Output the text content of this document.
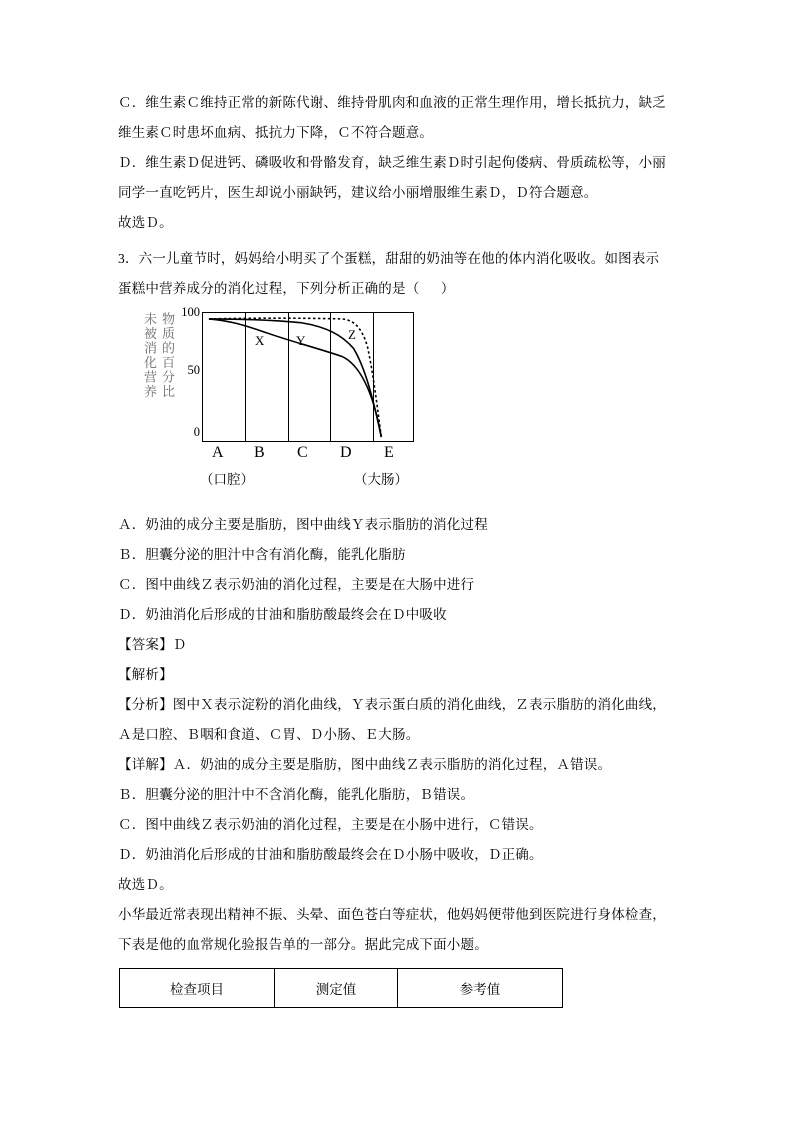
Ｃ．维生素Ｃ维持正常的新陈代谢、维持骨肌肉和血液的正常生理作用，增长抵抗力，缺乏
维生素Ｃ时患坏血病、抵抗力下降，Ｃ不符合题意。
Ｄ．维生素Ｄ促进钙、磷吸收和骨骼发育，缺乏维生素Ｄ时引起佝偻病、骨质疏松等，小丽
同学一直吃钙片，医生却说小丽缺钙，建议给小丽增服维生素Ｄ，Ｄ符合题意。
故选Ｄ。
3．六一儿童节时，妈妈给小明买了个蛋糕，甜甜的奶油等在他的体内消化吸收。如图表示
蛋糕中营养成分的消化过程，下列分析正确的是（      ）
未被消化营养 物质的百分比 100
50
0
X Y	Z
A B C D E
（口腔）	（大肠）
Ａ．奶油的成分主要是脂肪，图中曲线Ｙ表示脂肪的消化过程
Ｂ．胆囊分泌的胆汁中含有消化酶，能乳化脂肪
Ｃ．图中曲线Ｚ表示奶油的消化过程，主要是在大肠中进行
Ｄ．奶油消化后形成的甘油和脂肪酸最终会在Ｄ中吸收
【答案】Ｄ
【解析】
【分析】图中Ｘ表示淀粉的消化曲线，Ｙ表示蛋白质的消化曲线，Ｚ表示脂肪的消化曲线，
Ａ是口腔、Ｂ咽和食道、Ｃ胃、Ｄ小肠、Ｅ大肠。
【详解】Ａ．奶油的成分主要是脂肪，图中曲线Ｚ表示脂肪的消化过程，Ａ错误。
Ｂ．胆囊分泌的胆汁中不含消化酶，能乳化脂肪，Ｂ错误。
Ｃ．图中曲线Ｚ表示奶油的消化过程，主要是在小肠中进行，Ｃ错误。
Ｄ．奶油消化后形成的甘油和脂肪酸最终会在Ｄ小肠中吸收，Ｄ正确。
故选Ｄ。
小华最近常表现出精神不振、头晕、面色苍白等症状，他妈妈便带他到医院进行身体检查，
下表是他的血常规化验报告单的一部分。据此完成下面小题。
检查项目	测定值	参考值
